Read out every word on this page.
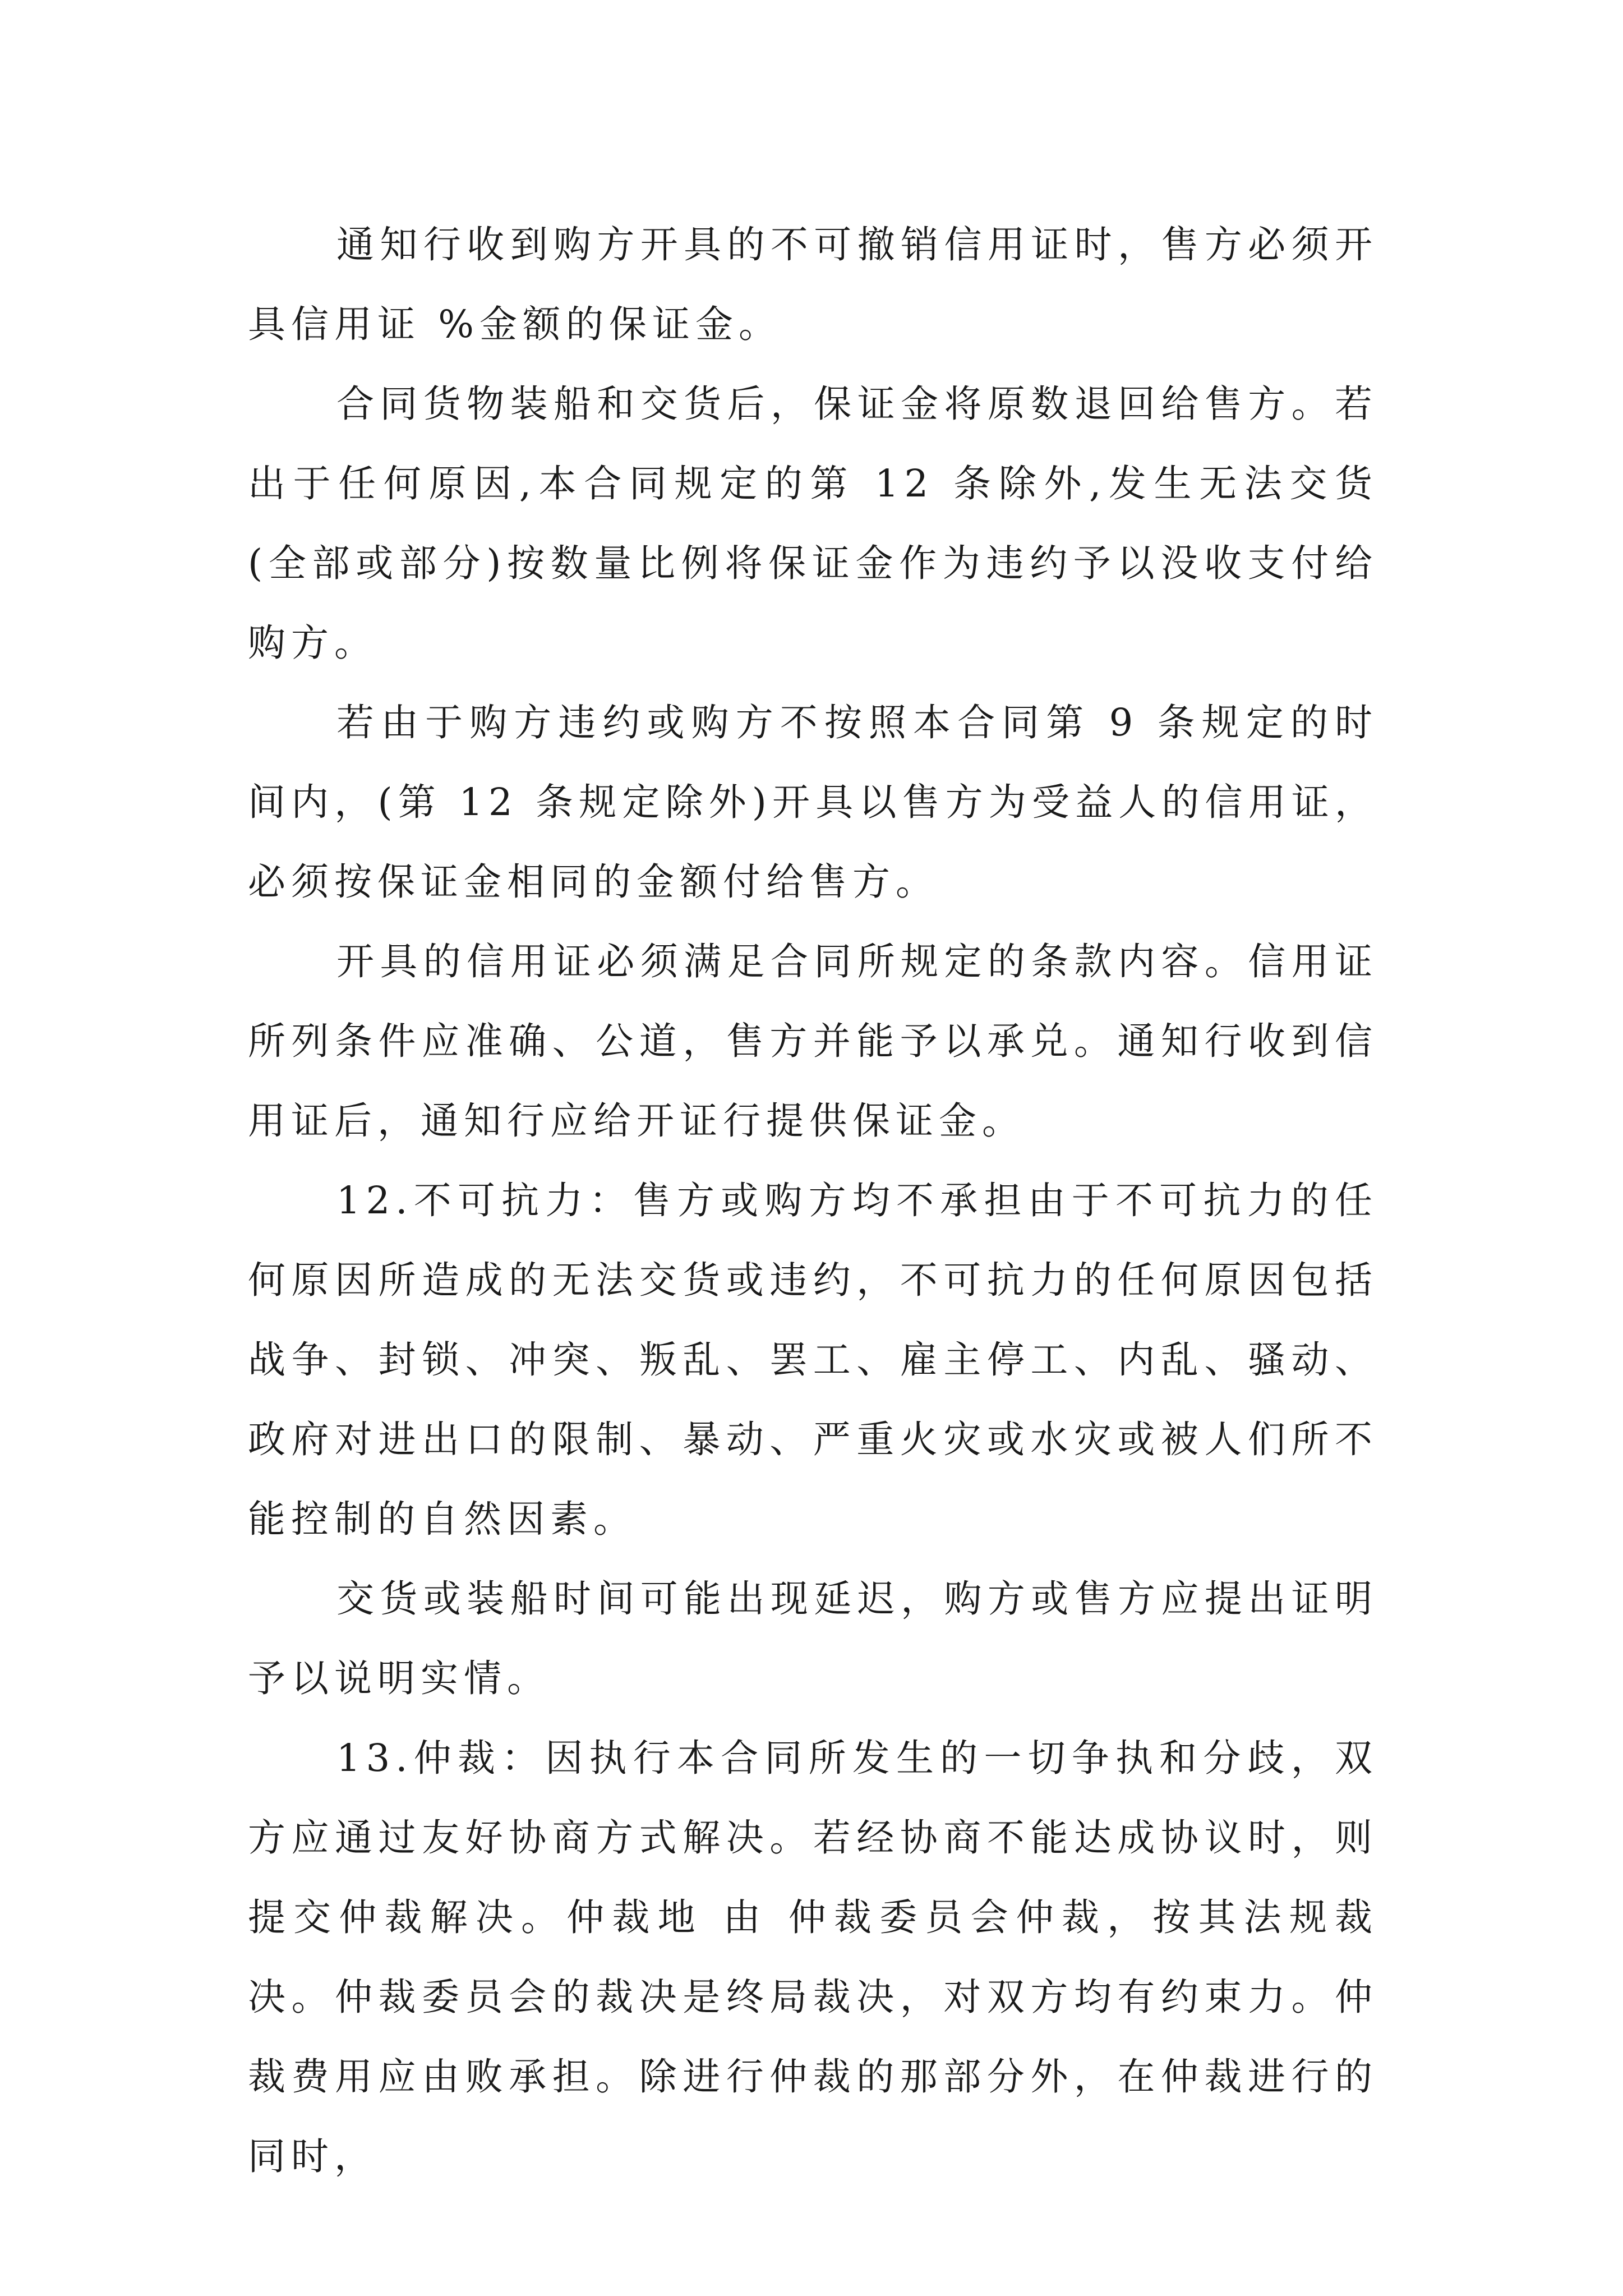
通知行收到购方开具的不可撤销信用证时，售方必须开具信用证 %金额的保证金。

合同货物装船和交货后，保证金将原数退回给售方。若出于任何原因,本合同规定的第 12 条除外,发生无法交货(全部或部分)按数量比例将保证金作为违约予以没收支付给购方。

若由于购方违约或购方不按照本合同第 9 条规定的时间内，(第 12 条规定除外)开具以售方为受益人的信用证，必须按保证金相同的金额付给售方。

开具的信用证必须满足合同所规定的条款内容。信用证所列条件应准确、公道，售方并能予以承兑。通知行收到信用证后，通知行应给开证行提供保证金。

12.不可抗力：售方或购方均不承担由于不可抗力的任何原因所造成的无法交货或违约，不可抗力的任何原因包括战争、封锁、冲突、叛乱、罢工、雇主停工、内乱、骚动、政府对进出口的限制、暴动、严重火灾或水灾或被人们所不能控制的自然因素。

交货或装船时间可能出现延迟，购方或售方应提出证明予以说明实情。

13.仲裁：因执行本合同所发生的一切争执和分歧，双方应通过友好协商方式解决。若经协商不能达成协议时，则提交仲裁解决。仲裁地 由 仲裁委员会仲裁，按其法规裁决。仲裁委员会的裁决是终局裁决，对双方均有约束力。仲裁费用应由败承担。除进行仲裁的那部分外，在仲裁进行的同时，
